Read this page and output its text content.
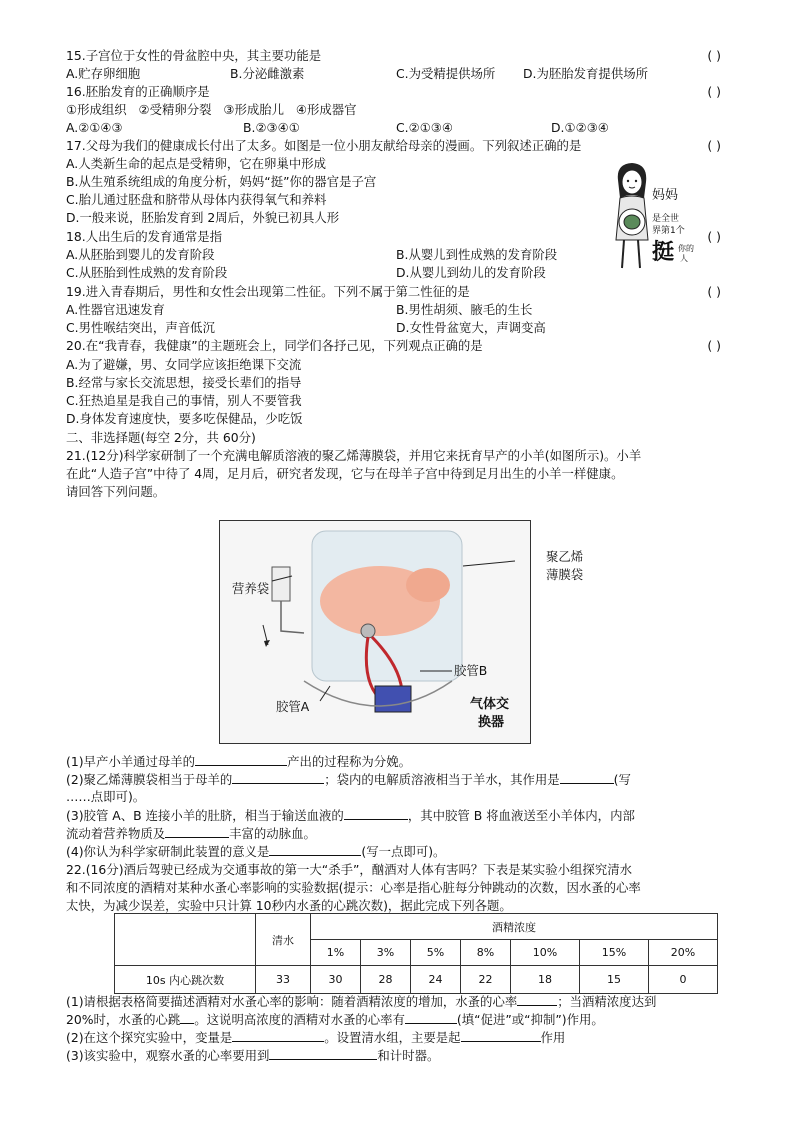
15.子宫位于女性的骨盆腔中央，其主要功能是	( )
A.贮存卵细胞	B.分泌雌激素	C.为受精提供场所 D.为胚胎发育提供场所
16.胚胎发育的正确顺序是	( )
①形成组织   ②受精卵分裂   ③形成胎儿   ④形成器官
A.②①④③	B.②③④①	C.②①③④	D.①②③④
17.父母为我们的健康成长付出了太多。如图是一位小朋友献给母亲的漫画。下列叙述正确的是	( )
A.人类新生命的起点是受精卵，它在卵巢中形成
B.从生殖系统组成的角度分析，妈妈“挺”你的器官是子宫
C.胎儿通过胚盘和脐带从母体内获得氧气和养料
D.一般来说，胚胎发育到 2周后，外貌已初具人形
妈妈
是全世
界第1个
挺 你的
人
18.人出生后的发育通常是指	( )
A.从胚胎到婴儿的发育阶段	B.从婴儿到性成熟的发育阶段
C.从胚胎到性成熟的发育阶段	D.从婴儿到幼儿的发育阶段
19.进入青春期后，男性和女性会出现第二性征。下列不属于第二性征的是	( )
A.性器官迅速发育	B.男性胡须、腋毛的生长
C.男性喉结突出，声音低沉	D.女性骨盆宽大，声调变高
20.在“我青春，我健康”的主题班会上，同学们各抒己见，下列观点正确的是	( )
A.为了避嫌，男、女同学应该拒绝课下交流
B.经常与家长交流思想，接受长辈们的指导
C.狂热追星是我自己的事情，别人不要管我
D.身体发育速度快，要多吃保健品，少吃饭
二、非选择题(每空 2分，共 60分)
21.(12分)科学家研制了一个充满电解质溶液的聚乙烯薄膜袋，并用它来抚育早产的小羊(如图所示)。小羊
在此“人造子宫”中待了 4周，足月后，研究者发现，它与在母羊子宫中待到足月出生的小羊一样健康。
请回答下列问题。
聚乙烯
薄膜袋
营养袋
胶管B
胶管A	气体交
换器
(1)早产小羊通过母羊的	产出的过程称为分娩。
(2)聚乙烯薄膜袋相当于母羊的	；袋内的电解质溶液相当于羊水，其作用是	(写
……点即可)。
(3)胶管 A、B 连接小羊的肚脐，相当于输送血液的	，其中胶管 B 将血液送至小羊体内，内部
流动着营养物质及	丰富的动脉血。
(4)你认为科学家研制此装置的意义是	(写一点即可)。
22.(16分)酒后驾驶已经成为交通事故的第一大“杀手”，酗酒对人体有害吗？下表是某实验小组探究清水
和不同浓度的酒精对某种水蚤心率影响的实验数据(提示：心率是指心脏每分钟跳动的次数，因水蚤的心率
太快，为减少误差，实验中只计算 10秒内水蚤的心跳次数)，据此完成下列各题。
	清水	酒精浓度						
		1%	3%	5%	8%	10%	15%	20%
10s 内心跳次数	33	30	28	24	22	18	15	0
(1)请根据表格简要描述酒精对水蚤心率的影响：随着酒精浓度的增加，水蚤的心率	；当酒精浓度达到
20%时，水蚤的心跳 。这说明高浓度的酒精对水蚤的心率有	(填“促进”或“抑制”)作用。
(2)在这个探究实验中，变量是	。设置清水组，主要是起	作用
(3)该实验中，观察水蚤的心率要用到	和计时器。
